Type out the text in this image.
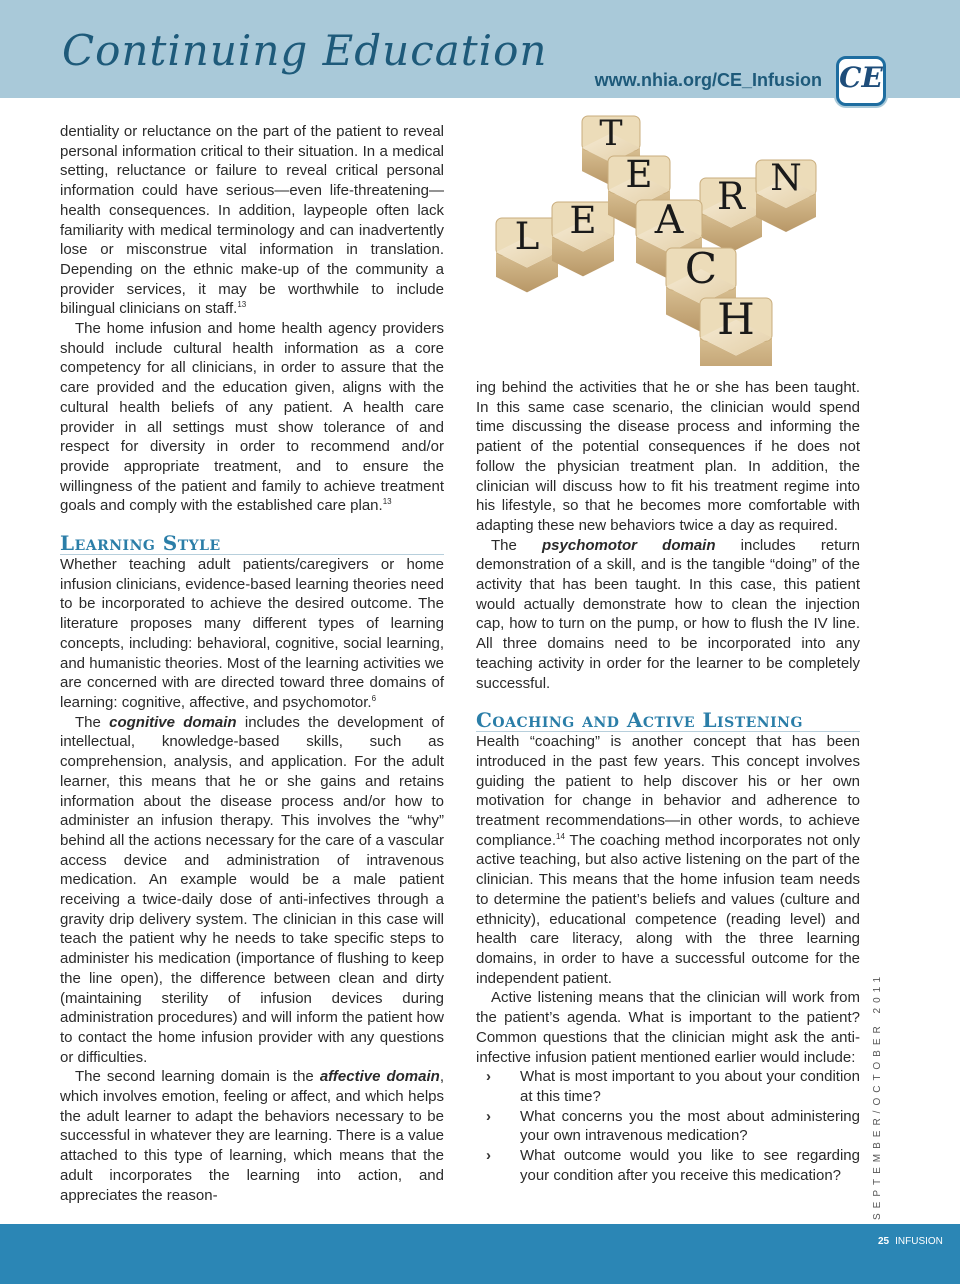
Continuing Education
www.nhia.org/CE_Infusion CE
L E
R N
T
E
A
C
H

dentiality or reluctance on the part of the patient to reveal personal information critical to their situation. In a medical setting, reluctance or failure to reveal critical personal information could have serious—even life-threatening—health consequences. In addition, laypeople often lack familiarity with medical terminology and can inadvertently lose or misconstrue vital information in translation. Depending on the ethnic make-up of the community a provider services, it may be worthwhile to include bilingual clinicians on staff.$^{13}$

The home infusion and home health agency providers should include cultural health information as a core competency for all clinicians, in order to assure that the care provided and the education given, aligns with the cultural health beliefs of any patient. A health care provider in all settings must show tolerance of and respect for diversity in order to recommend and/or provide appropriate treatment, and to ensure the willingness of the patient and family to achieve treatment goals and comply with the established care plan.$^{13}$

Learning Style

Whether teaching adult patients/caregivers or home infusion clinicians, evidence-based learning theories need to be incorporated to achieve the desired outcome. The literature proposes many different types of learning concepts, including: behavioral, cognitive, social learning, and humanistic theories. Most of the learning activities we are concerned with are directed toward three domains of learning: cognitive, affective, and psychomotor.$^6$

The cognitive domain includes the development of intellectual, knowledge-based skills, such as comprehension, analysis, and application. For the adult learner, this means that he or she gains and retains information about the disease process and/or how to administer an infusion therapy. This involves the “why” behind all the actions necessary for the care of a vascular access device and administration of intravenous medication. An example would be a male patient receiving a twice-daily dose of anti-infectives through a gravity drip delivery system. The clinician in this case will teach the patient why he needs to take specific steps to administer his medication (importance of flushing to keep the line open), the difference between clean and dirty (maintaining sterility of infusion devices during administration procedures) and will inform the patient how to contact the home infusion provider with any questions or difficulties.

The second learning domain is the affective domain, which involves emotion, feeling or affect, and which helps the adult learner to adapt the behaviors necessary to be successful in whatever they are learning. There is a value attached to this type of learning, which means that the adult incorporates the learning into action, and appreciates the reason-

ing behind the activities that he or she has been taught. In this same case scenario, the clinician would spend time discussing the disease process and informing the patient of the potential consequences if he does not follow the physician treatment plan. In addition, the clinician will discuss how to fit his treatment regime into his lifestyle, so that he becomes more comfortable with adapting these new behaviors twice a day as required.

The psychomotor domain includes return demonstration of a skill, and is the tangible “doing” of the activity that has been taught. In this case, this patient would actually demonstrate how to clean the injection cap, how to turn on the pump, or how to flush the IV line. All three domains need to be incorporated into any teaching activity in order for the learner to be completely successful.

Coaching and Active Listening

Health “coaching” is another concept that has been introduced in the past few years. This concept involves guiding the patient to help discover his or her own motivation for change in behavior and adherence to treatment recommendations—in other words, to achieve compliance.$^{14}$ The coaching method incorporates not only active teaching, but also active listening on the part of the clinician. This means that the home infusion team needs to determine the patient’s beliefs and values (culture and ethnicity), educational competence (reading level) and health care literacy, along with the three learning domains, in order to have a successful outcome for the independent patient.

Active listening means that the clinician will work from the patient’s agenda. What is important to the patient? Common questions that the clinician might ask the anti-infective infusion patient mentioned earlier would include:

› What is most important to you about your condition at this time?
› What concerns you the most about administering your own intravenous medication?
› What outcome would you like to see regarding your condition after you receive this medication?	SEPTEMBER/OCTOBER 2011
25 INFUSION
